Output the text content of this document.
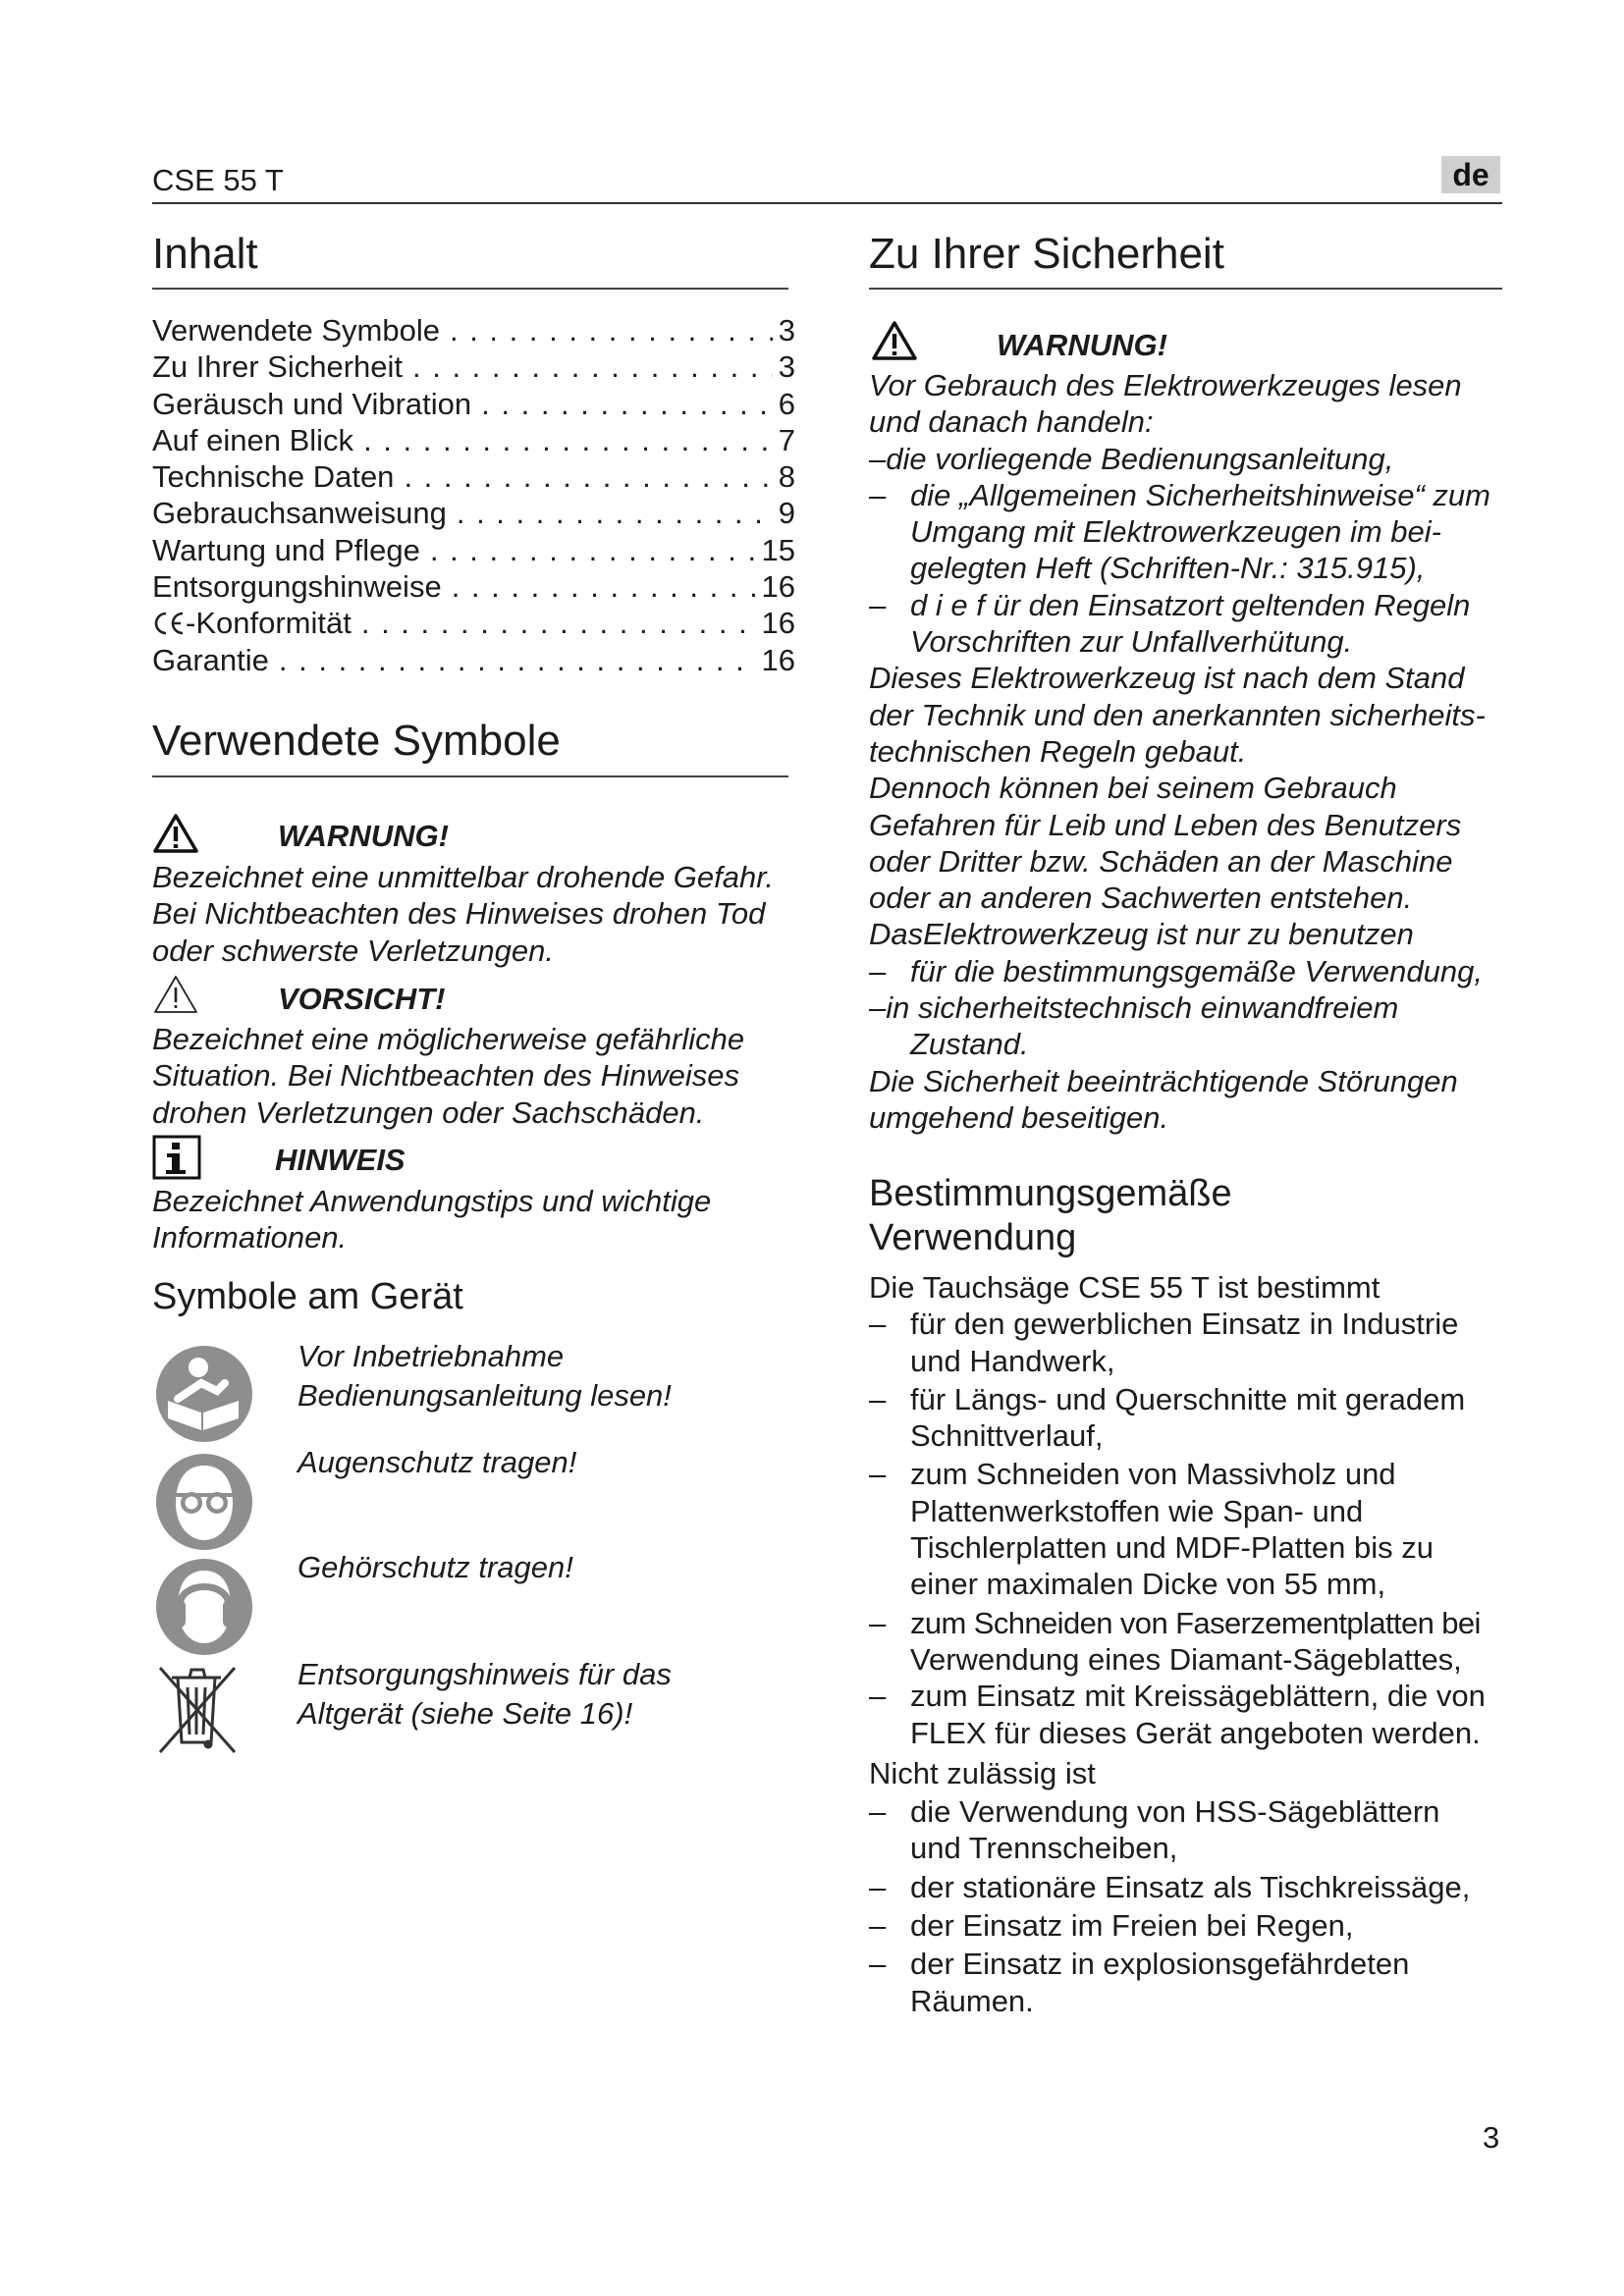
CSE 55 T	de
Inhalt
Verwendete Symbole . . .	3
Zu Ihrer Sicherheit . . .	3
Geräusch und Vibration . . .	6
Auf einen Blick . . .	7
Technische Daten . . .	8
Gebrauchsanweisung . . .	9
Wartung und Pflege . . .	15
Entsorgungshinweise . . .	16
-Konformität . . .	16
Garantie . . .	16
Verwendete Symbole
WARNUNG!
Bezeichnet eine unmittelbar drohende Gefahr.
Bei Nichtbeachten des Hinweises drohen Tod
oder schwerste Verletzungen.
VORSICHT!
Bezeichnet eine möglicherweise gefährliche
Situation. Bei Nichtbeachten des Hinweises
drohen Verletzungen oder Sachschäden.
HINWEIS
Bezeichnet Anwendungstips und wichtige
Informationen.
Symbole am Gerät
Vor Inbetriebnahme
Bedienungsanleitung lesen!
Augenschutz tragen!
Gehörschutz tragen!
Entsorgungshinweis für das
Altgerät (siehe Seite 16)!
Zu Ihrer Sicherheit
WARNUNG!
Vor Gebrauch des Elektrowerkzeuges lesen
und danach handeln:
–die vorliegende Bedienungsanleitung,
– die „Allgemeinen Sicherheitshinweise“ zum
Umgang mit Elektrowerkzeugen im bei-
gelegten Heft (Schriften-Nr.: 315.915),
– d i e f ür den Einsatzort geltenden Regeln
Vorschriften zur Unfallverhütung.
Dieses Elektrowerkzeug ist nach dem Stand
der Technik und den anerkannten sicherheits-
technischen Regeln gebaut.
Dennoch können bei seinem Gebrauch
Gefahren für Leib und Leben des Benutzers
oder Dritter bzw. Schäden an der Maschine
oder an anderen Sachwerten entstehen.
DasElektrowerkzeug ist nur zu benutzen
– für die bestimmungsgemäße Verwendung,
–in sicherheitstechnisch einwandfreiem
Zustand.
Die Sicherheit beeinträchtigende Störungen
umgehend beseitigen.
Bestimmungsgemäße
Verwendung
Die Tauchsäge CSE 55 T ist bestimmt
– für den gewerblichen Einsatz in Industrie
und Handwerk,
– für Längs- und Querschnitte mit geradem
Schnittverlauf,
– zum Schneiden von Massivholz und
Plattenwerkstoffen wie Span- und
Tischlerplatten und MDF-Platten bis zu
einer maximalen Dicke von 55 mm,
– zum Schneiden von Faserzementplatten bei
Verwendung eines Diamant-Sägeblattes,
– zum Einsatz mit Kreissägeblättern, die von
FLEX für dieses Gerät angeboten werden.
Nicht zulässig ist
– die Verwendung von HSS-Sägeblättern
und Trennscheiben,
– der stationäre Einsatz als Tischkreissäge,
– der Einsatz im Freien bei Regen,
– der Einsatz in explosionsgefährdeten
Räumen.
3
